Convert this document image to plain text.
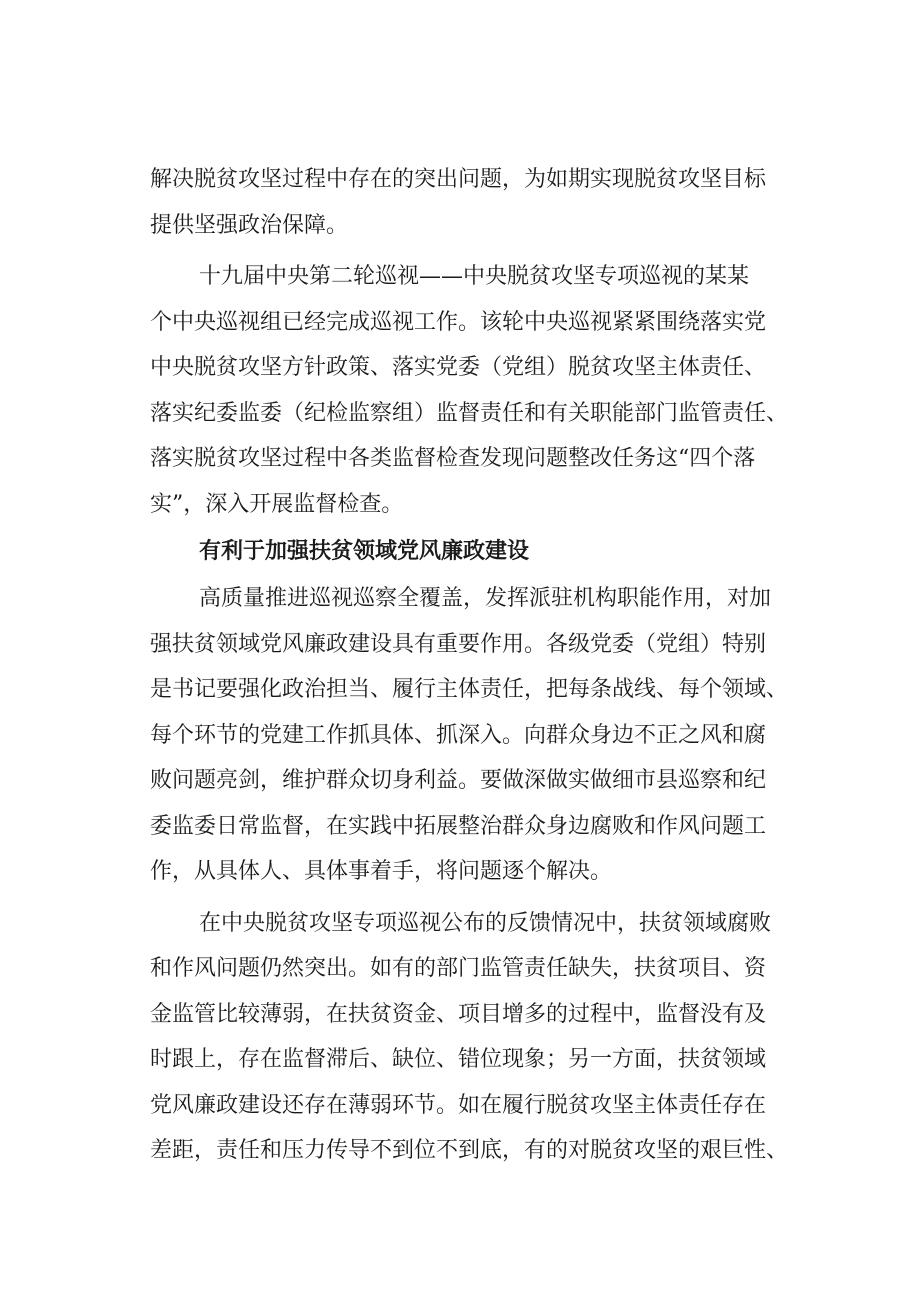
解决脱贫攻坚过程中存在的突出问题，为如期实现脱贫攻坚目标
提供坚强政治保障。
十九届中央第二轮巡视——中央脱贫攻坚专项巡视的某某
个中央巡视组已经完成巡视工作。该轮中央巡视紧紧围绕落实党
中央脱贫攻坚方针政策、落实党委（党组）脱贫攻坚主体责任、
落实纪委监委（纪检监察组）监督责任和有关职能部门监管责任、
落实脱贫攻坚过程中各类监督检查发现问题整改任务这“四个落
实”，深入开展监督检查。
有利于加强扶贫领域党风廉政建设
高质量推进巡视巡察全覆盖，发挥派驻机构职能作用，对加
强扶贫领域党风廉政建设具有重要作用。各级党委（党组）特别
是书记要强化政治担当、履行主体责任，把每条战线、每个领域、
每个环节的党建工作抓具体、抓深入。向群众身边不正之风和腐
败问题亮剑，维护群众切身利益。要做深做实做细市县巡察和纪
委监委日常监督，在实践中拓展整治群众身边腐败和作风问题工
作，从具体人、具体事着手，将问题逐个解决。
在中央脱贫攻坚专项巡视公布的反馈情况中，扶贫领域腐败
和作风问题仍然突出。如有的部门监管责任缺失，扶贫项目、资
金监管比较薄弱，在扶贫资金、项目增多的过程中，监督没有及
时跟上，存在监督滞后、缺位、错位现象；另一方面，扶贫领域
党风廉政建设还存在薄弱环节。如在履行脱贫攻坚主体责任存在
差距，责任和压力传导不到位不到底，有的对脱贫攻坚的艰巨性、
